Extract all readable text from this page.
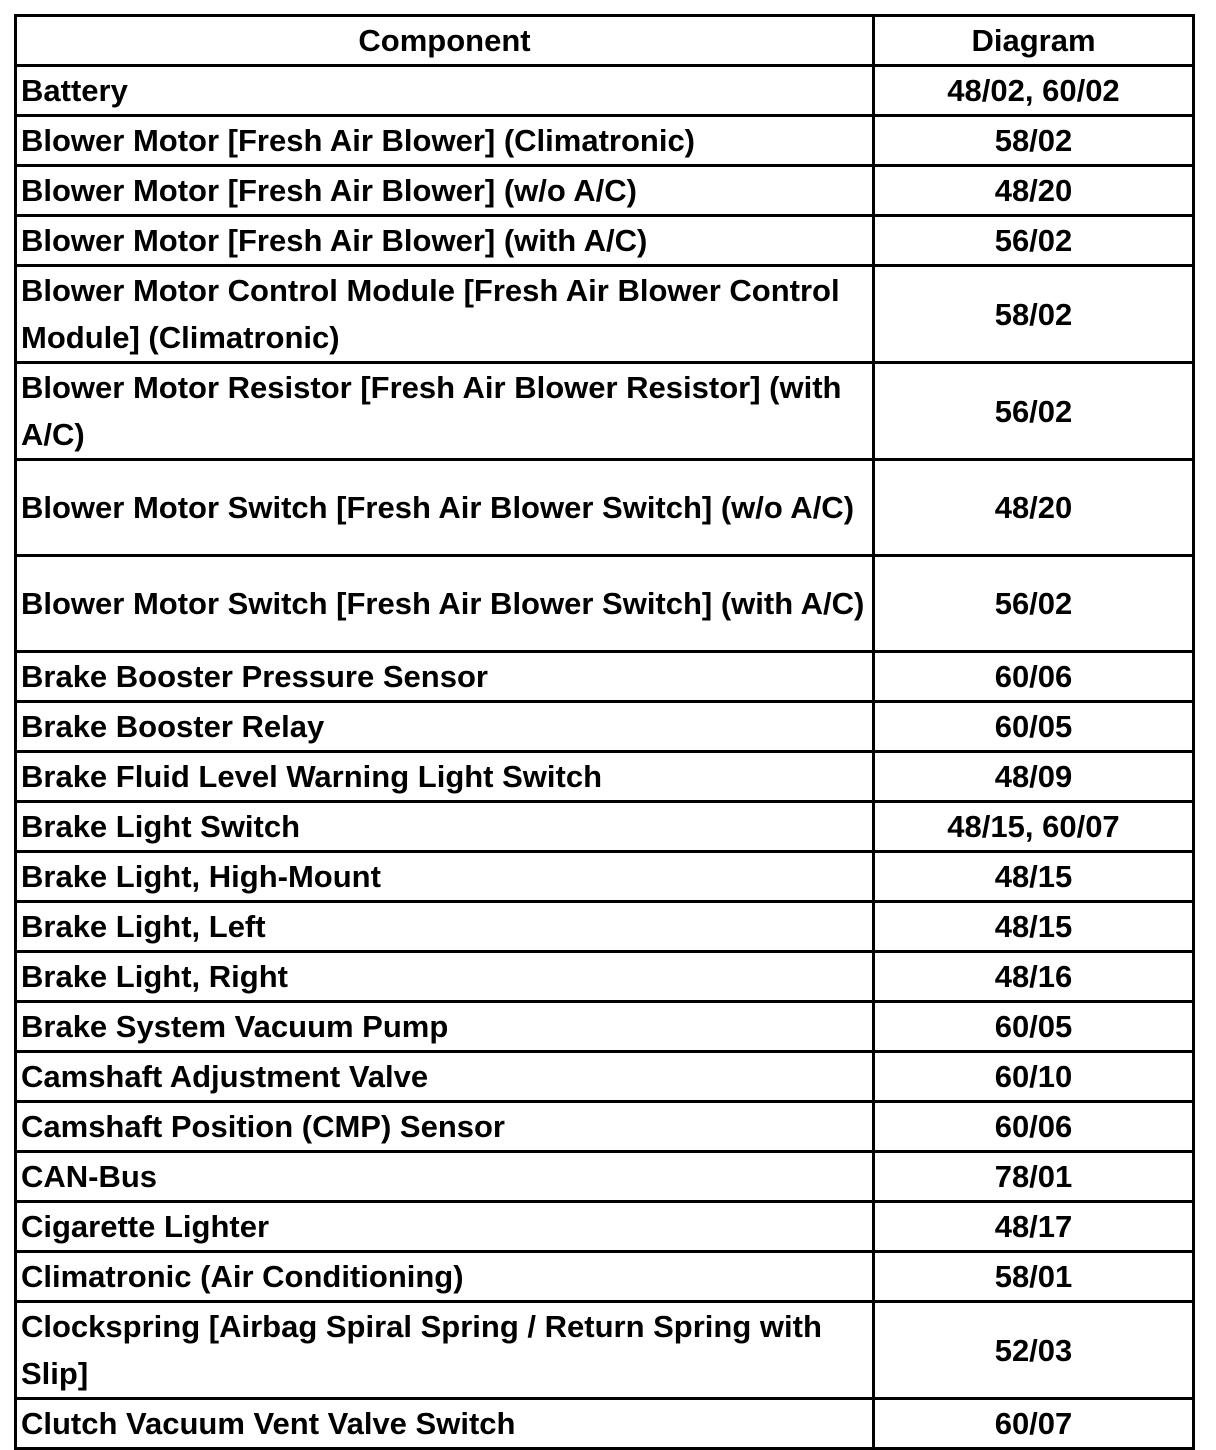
Component	Diagram
Battery	48/02, 60/02
Blower Motor [Fresh Air Blower] (Climatronic)	58/02
Blower Motor [Fresh Air Blower] (w/o A/C)	48/20
Blower Motor [Fresh Air Blower] (with A/C)	56/02
Blower Motor Control Module [Fresh Air Blower Control Module] (Climatronic)	58/02
Blower Motor Resistor [Fresh Air Blower Resistor] (with A/C)	56/02
Blower Motor Switch [Fresh Air Blower Switch] (w/o A/C)	48/20
Blower Motor Switch [Fresh Air Blower Switch] (with A/C)	56/02
Brake Booster Pressure Sensor	60/06
Brake Booster Relay	60/05
Brake Fluid Level Warning Light Switch	48/09
Brake Light Switch	48/15, 60/07
Brake Light, High-Mount	48/15
Brake Light, Left	48/15
Brake Light, Right	48/16
Brake System Vacuum Pump	60/05
Camshaft Adjustment Valve	60/10
Camshaft Position (CMP) Sensor	60/06
CAN-Bus	78/01
Cigarette Lighter	48/17
Climatronic (Air Conditioning)	58/01
Clockspring [Airbag Spiral Spring / Return Spring with Slip]	52/03
Clutch Vacuum Vent Valve Switch	60/07
